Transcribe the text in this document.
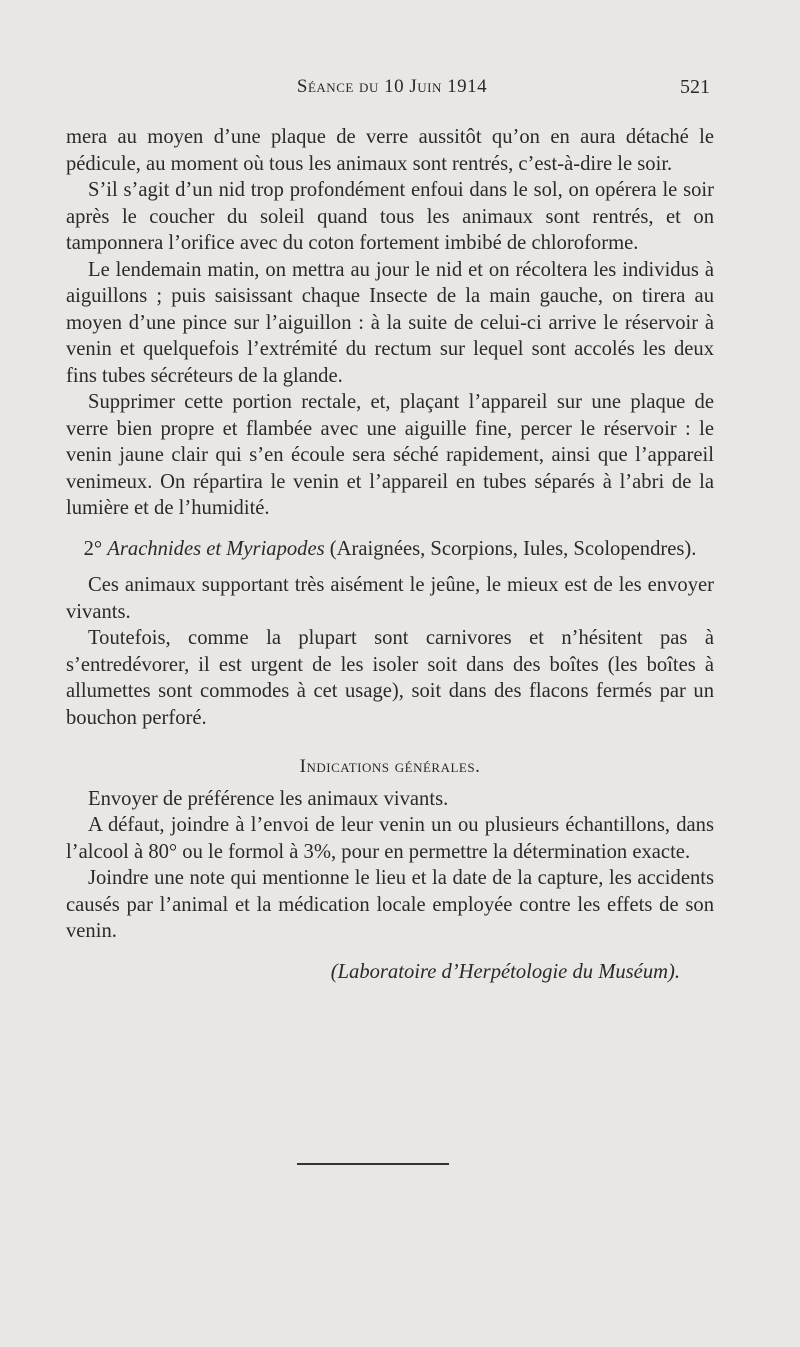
Séance du 10 Juin 1914	521

mera au moyen d’une plaque de verre aussitôt qu’on en aura détaché le pédicule, au moment où tous les animaux sont rentrés, c’est-à-dire le soir.

S’il s’agit d’un nid trop profondément enfoui dans le sol, on opérera le soir après le coucher du soleil quand tous les animaux sont rentrés, et on tamponnera l’orifice avec du coton fortement imbibé de chloroforme.

Le lendemain matin, on mettra au jour le nid et on récoltera les individus à aiguillons ; puis saisissant chaque Insecte de la main gauche, on tirera au moyen d’une pince sur l’aiguillon : à la suite de celui-ci arrive le réservoir à venin et quelquefois l’extrémité du rectum sur lequel sont accolés les deux fins tubes sécréteurs de la glande.

Supprimer cette portion rectale, et, plaçant l’appareil sur une plaque de verre bien propre et flambée avec une aiguille fine, percer le réservoir : le venin jaune clair qui s’en écoule sera séché rapidement, ainsi que l’appareil venimeux. On répartira le venin et l’appareil en tubes séparés à l’abri de la lumière et de l’humidité.

2° Arachnides et Myriapodes (Araignées, Scorpions, Iules, Scolopendres).

Ces animaux supportant très aisément le jeûne, le mieux est de les envoyer vivants.

Toutefois, comme la plupart sont carnivores et n’hésitent pas à s’entredévorer, il est urgent de les isoler soit dans des boîtes (les boîtes à allumettes sont commodes à cet usage), soit dans des flacons fermés par un bouchon perforé.

Indications générales.

Envoyer de préférence les animaux vivants.

A défaut, joindre à l’envoi de leur venin un ou plusieurs échantillons, dans l’alcool à 80° ou le formol à 3%, pour en permettre la détermination exacte.

Joindre une note qui mentionne le lieu et la date de la capture, les accidents causés par l’animal et la médication locale employée contre les effets de son venin.

(Laboratoire d’Herpétologie du Muséum).
